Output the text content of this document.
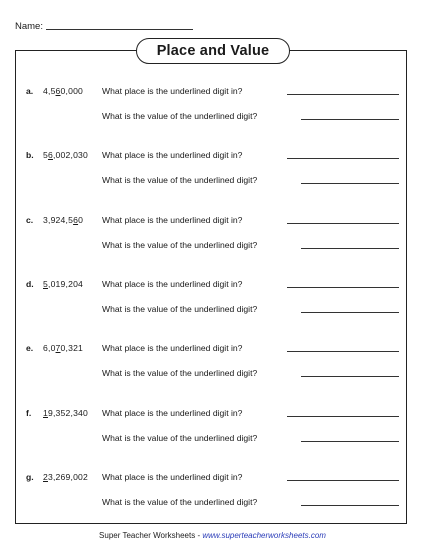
Name:
Place and Value
a. 4,560,000 What place is the underlined digit in?
What is the value of the underlined digit?
b. 56,002,030 What place is the underlined digit in?
What is the value of the underlined digit?
c. 3,924,560 What place is the underlined digit in?
What is the value of the underlined digit?
d. 5,019,204 What place is the underlined digit in?
What is the value of the underlined digit?
e. 6,070,321 What place is the underlined digit in?
What is the value of the underlined digit?
f. 19,352,340 What place is the underlined digit in?
What is the value of the underlined digit?
g. 23,269,002 What place is the underlined digit in?
What is the value of the underlined digit?
Super Teacher Worksheets - www.superteacherworksheets.com
